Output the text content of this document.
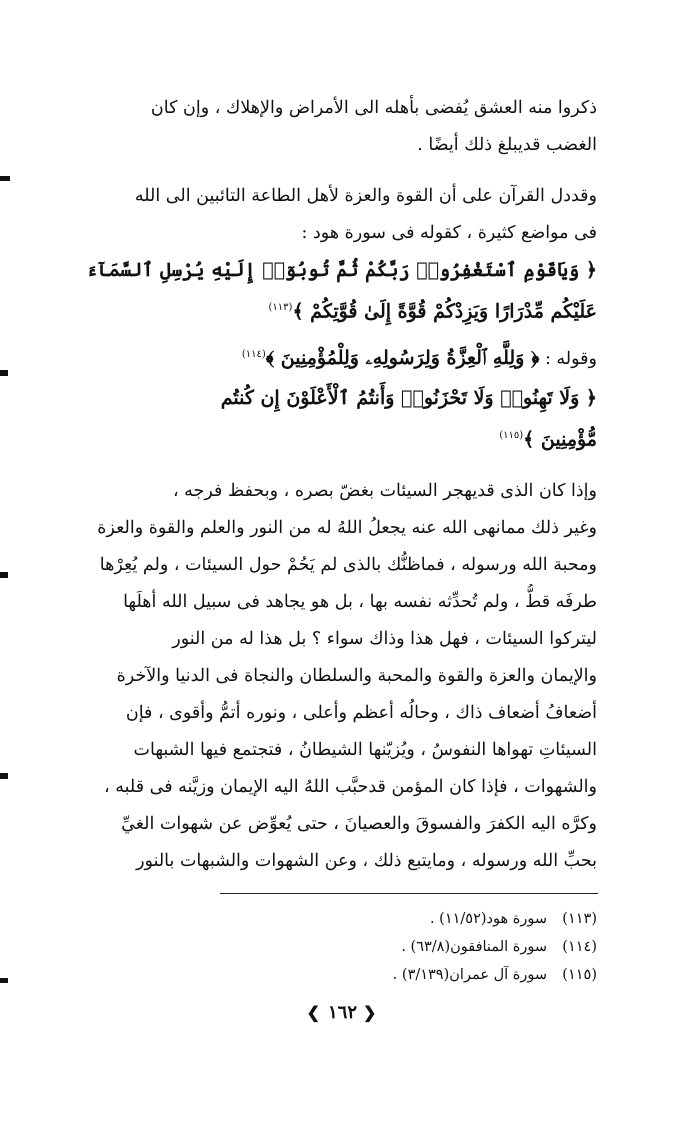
ذكروا منه العشق يُفضى بأهله الى الأمراض والإهلاك ، وإن كان
الغضب قديبلغ ذلك أيضًا .
وقددل القرآن على أن القوة والعزة لأهل الطاعة التائبين الى الله
فى مواضع كثيرة ، كقوله فى سورة هود :
﴿ وَيَاقَوْمِ ٱسْتَغْفِرُوا۟ رَبَّكُمْ ثُمَّ تُوبُوٓا۟ إِلَيْهِ يُرْسِلِ ٱلسَّمَآءَ
عَلَيْكُم مِّدْرَارًا وَيَزِدْكُمْ قُوَّةً إِلَىٰ قُوَّتِكُمْ ﴾$^{(١١٣)}$
وقوله : ﴿ وَلِلَّهِ ٱلْعِزَّةُ وَلِرَسُولِهِۦ وَلِلْمُؤْمِنِينَ ﴾$^{(١١٤)}$
﴿ وَلَا تَهِنُوا۟ وَلَا تَحْزَنُوا۟ وَأَنتُمُ ٱلْأَعْلَوْنَ إِن كُنتُم
مُّؤْمِنِينَ ﴾$^{(١١٥)}$
وإذا كان الذى قديهجر السيئات بغضّ بصره ، وبحفظ فرجه ،
وغير ذلك ممانهى الله عنه يجعلُ اللهُ له من النور والعلم والقوة والعزة
ومحبة الله ورسوله ، فماظنُّك بالذى لم يَحُمْ حول السيئات ، ولم يُعِرْها
طرفَه قطُّ ، ولم تُحدِّثه نفسه بها ، بل هو يجاهد فى سبيل الله أهلَها
ليتركوا السيئات ، فهل هذا وذاك سواء ؟ بل هذا له من النور
والإيمان والعزة والقوة والمحبة والسلطان والنجاة فى الدنيا والآخرة
أضعافُ أضعاف ذاك ، وحالُه أعظم وأعلى ، ونوره أتمُّ وأقوى ، فإن
السيئاتِ تهواها النفوسُ ، ويُزيّنها الشيطانُ ، فتجتمع فيها الشبهات
والشهوات ، فإذا كان المؤمن قدحبَّب اللهُ اليه الإيمان وزيَّنه فى قلبه ،
وكرَّه اليه الكفرَ والفسوقَ والعصيانَ ، حتى يُعوِّض عن شهوات الغيِّ
بحبِّ الله ورسوله ، ومايتبع ذلك ، وعن الشهوات والشبهات بالنور
(١١٣)سورة هود(١١/٥٢) .
(١١٤)سورة المنافقون(٦٣/٨) .
(١١٥)سورة آل عمران(٣/١٣٩) .
❮ ١٦٢ ❯
